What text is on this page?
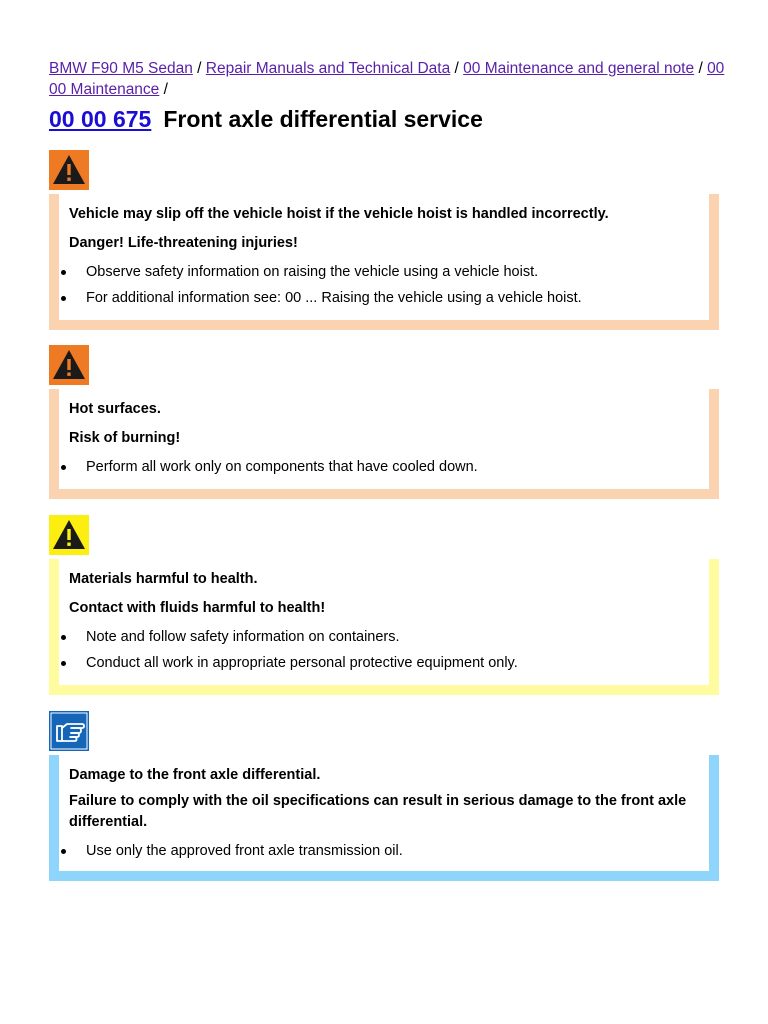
BMW F90 M5 Sedan / Repair Manuals and Technical Data / 00 Maintenance and general note / 00 00 Maintenance /
00 00 675 Front axle differential service

Vehicle may slip off the vehicle hoist if the vehicle hoist is handled incorrectly.

Danger! Life-threatening injuries!

Observe safety information on raising the vehicle using a vehicle hoist.
For additional information see: 00 ... Raising the vehicle using a vehicle hoist.

Hot surfaces.

Risk of burning!

Perform all work only on components that have cooled down.

Materials harmful to health.

Contact with fluids harmful to health!

Note and follow safety information on containers.
Conduct all work in appropriate personal protective equipment only.

Damage to the front axle differential.

Failure to comply with the oil specifications can result in serious damage to the front axle differential.

Use only the approved front axle transmission oil.
